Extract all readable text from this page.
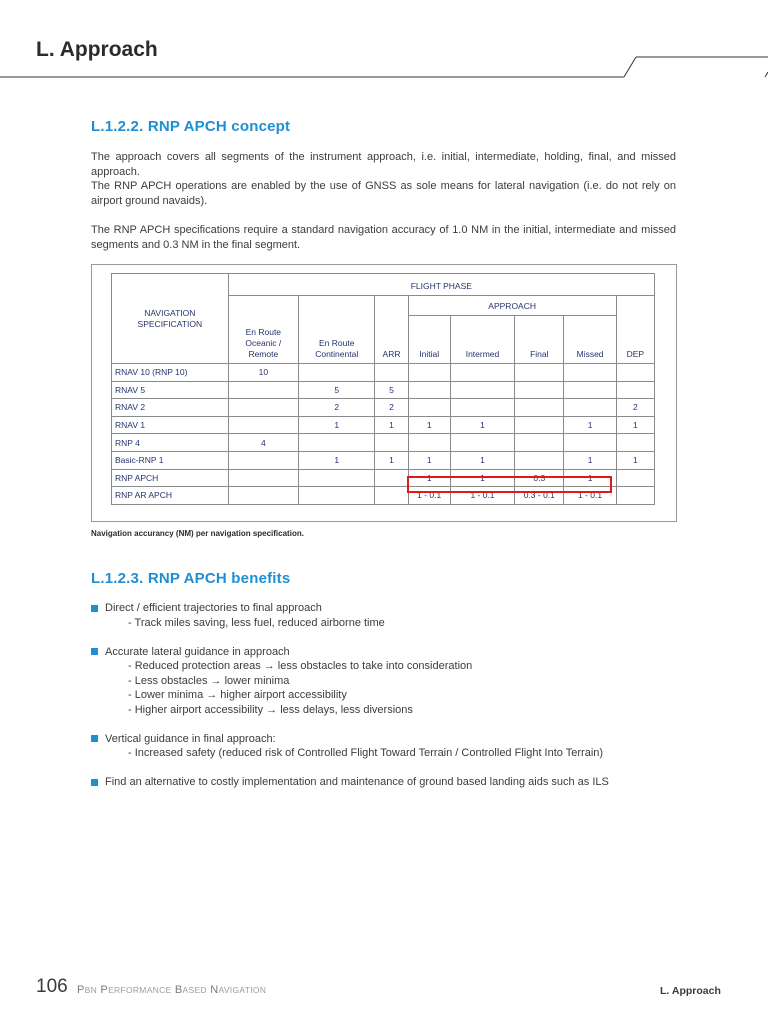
L. Approach
L.1.2.2. RNP APCH concept
The approach covers all segments of the instrument approach, i.e. initial, intermediate, holding, final, and missed approach.
The RNP APCH operations are enabled by the use of GNSS as sole means for lateral navigation (i.e. do not rely on airport ground navaids).
The RNP APCH specifications require a standard navigation accuracy of 1.0 NM in the initial, intermediate and missed segments and 0.3 NM in the final segment.
NAVIGATION SPECIFICATION	FLIGHT PHASE							
	En Route Oceanic / Remote	En Route Continental	ARR	APPROACH				DEP
				Initial	Intermed	Final	Missed	
RNAV 10 (RNP 10)	10							
RNAV 5		5	5					
RNAV 2		2	2					2
RNAV 1		1	1	1	1		1	1
RNP 4	4							
Basic-RNP 1		1	1	1	1		1	1
RNP APCH				1	1	0.3	1	
RNP AR APCH				1 - 0.1	1 - 0.1	0.3 - 0.1	1 - 0.1	
Navigation accurancy (NM) per navigation specification.
L.1.2.3. RNP APCH benefits
Direct / efficient trajectories to final approach
- Track miles saving, less fuel, reduced airborne time
Accurate lateral guidance in approach
- Reduced protection areas → less obstacles to take into consideration
- Less obstacles → lower minima
- Lower minima → higher airport accessibility
- Higher airport accessibility → less delays, less diversions
Vertical guidance in final approach:
- Increased safety (reduced risk of Controlled Flight Toward Terrain / Controlled Flight Into Terrain)
Find an alternative to costly implementation and maintenance of ground based landing aids such as ILS
106 PBN PERFORMANCE BASED NAVIGATION	L. Approach
